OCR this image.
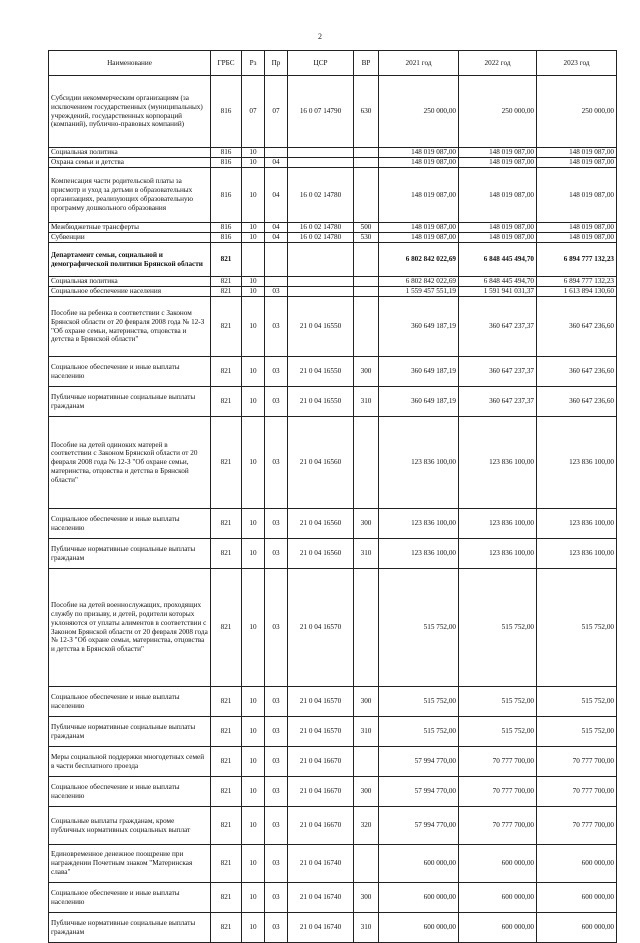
2
Наименование	ГРБС	Рз	Пр	ЦСР	ВР	2021 год	2022 год	2023 год
Субсидии некоммерческим организациям (за исключением государственных (муниципальных) учреждений, государственных корпораций (компаний), публично-правовых компаний)	816	07	07	16 0 07 14790	630	250 000,00	250 000,00	250 000,00
Социальная политика	816	10				148 019 087,00	148 019 087,00	148 019 087,00
Охрана семьи и детства	816	10	04			148 019 087,00	148 019 087,00	148 019 087,00
Компенсация части родительской платы за присмотр и уход за детьми в образовательных организациях, реализующих образовательную программу дошкольного образования	816	10	04	16 0 02 14780		148 019 087,00	148 019 087,00	148 019 087,00
Межбюджетные трансферты	816	10	04	16 0 02 14780	500	148 019 087,00	148 019 087,00	148 019 087,00
Субвенции	816	10	04	16 0 02 14780	530	148 019 087,00	148 019 087,00	148 019 087,00
Департамент семьи, социальной и демографической политики Брянской области	821					6 802 842 022,69	6 848 445 494,70	6 894 777 132,23
Социальная политика	821	10				6 802 842 022,69	6 848 445 494,70	6 894 777 132,23
Социальное обеспечение населения	821	10	03			1 559 457 551,19	1 591 941 031,37	1 613 894 130,60
Пособие на ребенка в соответствии с Законом Брянской области от 20 февраля 2008 года № 12-З "Об охране семьи, материнства, отцовства и детства в Брянской области"	821	10	03	21 0 04 16550		360 649 187,19	360 647 237,37	360 647 236,60
Социальное обеспечение и иные выплаты населению	821	10	03	21 0 04 16550	300	360 649 187,19	360 647 237,37	360 647 236,60
Публичные нормативные социальные выплаты гражданам	821	10	03	21 0 04 16550	310	360 649 187,19	360 647 237,37	360 647 236,60
Пособие на детей одиноких матерей в соответствии с Законом Брянской области от 20 февраля 2008 года № 12-З "Об охране семьи, материнства, отцовства и детства в Брянской области"	821	10	03	21 0 04 16560		123 836 100,00	123 836 100,00	123 836 100,00
Социальное обеспечение и иные выплаты населению	821	10	03	21 0 04 16560	300	123 836 100,00	123 836 100,00	123 836 100,00
Публичные нормативные социальные выплаты гражданам	821	10	03	21 0 04 16560	310	123 836 100,00	123 836 100,00	123 836 100,00
Пособие на детей военнослужащих, проходящих службу по призыву, и детей, родители которых уклоняются от уплаты алиментов в соответствии с Законом Брянской области от 20 февраля 2008 года № 12-З "Об охране семьи, материнства, отцовства и детства в Брянской области"	821	10	03	21 0 04 16570		515 752,00	515 752,00	515 752,00
Социальное обеспечение и иные выплаты населению	821	10	03	21 0 04 16570	300	515 752,00	515 752,00	515 752,00
Публичные нормативные социальные выплаты гражданам	821	10	03	21 0 04 16570	310	515 752,00	515 752,00	515 752,00
Меры социальной поддержки многодетных семей в части бесплатного проезда	821	10	03	21 0 04 16670		57 994 770,00	70 777 700,00	70 777 700,00
Социальное обеспечение и иные выплаты населению	821	10	03	21 0 04 16670	300	57 994 770,00	70 777 700,00	70 777 700,00
Социальные выплаты гражданам, кроме публичных нормативных социальных выплат	821	10	03	21 0 04 16670	320	57 994 770,00	70 777 700,00	70 777 700,00
Единовременное денежное поощрение при награждении Почетным знаком "Материнская слава"	821	10	03	21 0 04 16740		600 000,00	600 000,00	600 000,00
Социальное обеспечение и иные выплаты населению	821	10	03	21 0 04 16740	300	600 000,00	600 000,00	600 000,00
Публичные нормативные социальные выплаты гражданам	821	10	03	21 0 04 16740	310	600 000,00	600 000,00	600 000,00
